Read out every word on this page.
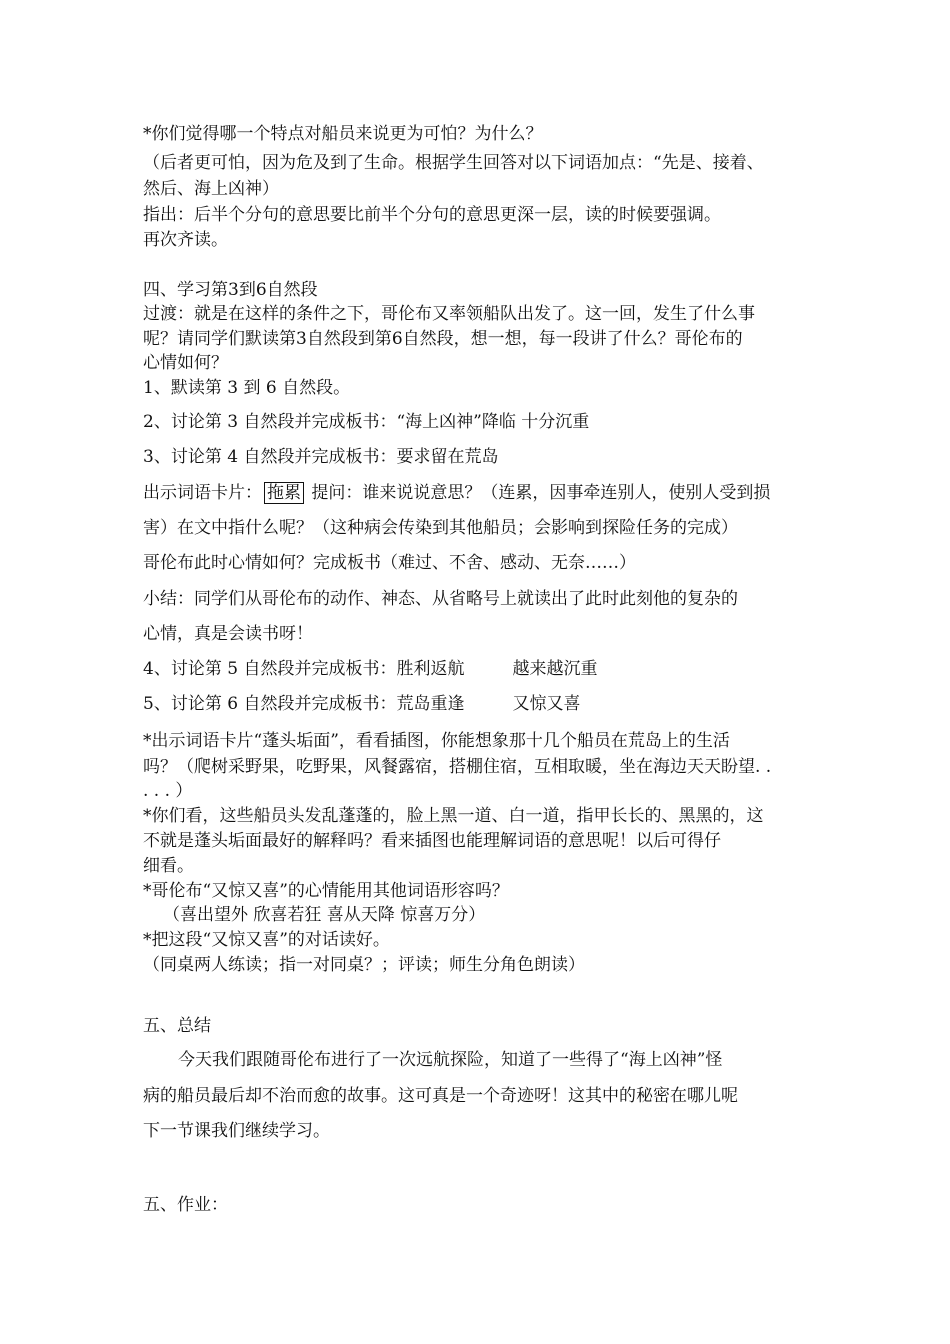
*你们觉得哪一个特点对船员来说更为可怕？为什么？
（后者更可怕，因为危及到了生命。根据学生回答对以下词语加点：“先是、接着、
然后、海上凶神）
指出：后半个分句的意思要比前半个分句的意思更深一层，读的时候要强调。
再次齐读。
四、学习第3到6自然段
过渡：就是在这样的条件之下，哥伦布又率领船队出发了。这一回，发生了什么事
呢？请同学们默读第3自然段到第6自然段，想一想，每一段讲了什么？哥伦布的
心情如何？
1、默读第 3 到 6 自然段。
2、讨论第 3 自然段并完成板书：“海上凶神”降临 十分沉重
3、讨论第 4 自然段并完成板书：要求留在荒岛
出示词语卡片： 拖累 提问：谁来说说意思？（连累，因事牵连别人，使别人受到损
害）在文中指什么呢？（这种病会传染到其他船员；会影响到探险任务的完成）
哥伦布此时心情如何？完成板书（难过、不舍、感动、无奈……）
小结：同学们从哥伦布的动作、神态、从省略号上就读出了此时此刻他的复杂的
心情，真是会读书呀！
4、讨论第 5 自然段并完成板书：胜利返航	越来越沉重
5、讨论第 6 自然段并完成板书：荒岛重逢	又惊又喜
*出示词语卡片“蓬头垢面”，看看插图，你能想象那十几个船员在荒岛上的生活
吗？（爬树采野果，吃野果，风餐露宿，搭棚住宿，互相取暖，坐在海边天天盼望. .
. . . ）
*你们看，这些船员头发乱蓬蓬的，脸上黑一道、白一道，指甲长长的、黑黑的，这
不就是蓬头垢面最好的解释吗？看来插图也能理解词语的意思呢！以后可得仔
细看。
*哥伦布“又惊又喜”的心情能用其他词语形容吗？
（喜出望外 欣喜若狂 喜从天降 惊喜万分）
*把这段“又惊又喜”的对话读好。
（同桌两人练读；指一对同桌？；评读；师生分角色朗读）
五、总结
今天我们跟随哥伦布进行了一次远航探险，知道了一些得了“海上凶神”怪
病的船员最后却不治而愈的故事。这可真是一个奇迹呀！这其中的秘密在哪儿呢
下一节课我们继续学习。
五、作业：
